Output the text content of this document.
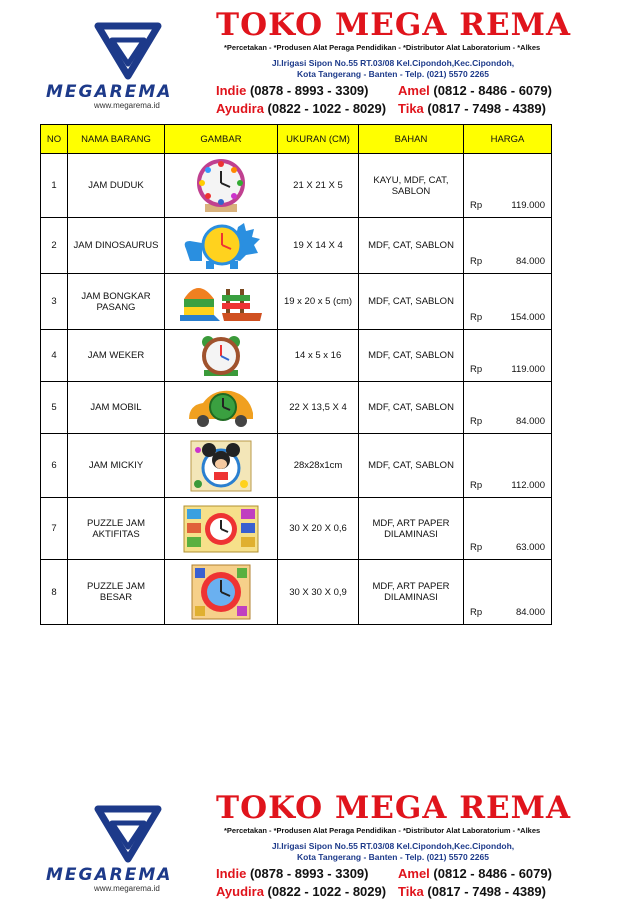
MEGAREMA
www.megarema.id
TOKO MEGA REMA
*Percetakan - *Produsen Alat Peraga Pendidikan - *Distributor Alat Laboratorium - *Alkes
Jl.Irigasi Sipon No.55 RT.03/08 Kel.Cipondoh,Kec.Cipondoh,
Kota Tangerang - Banten - Telp. (021) 5570 2265
Indie (0878 - 8993 - 3309) Amel (0812 - 8486 - 6079)
Ayudira (0822 - 1022 - 8029) Tika (0817 - 7498 - 4389)
NO	NAMA BARANG	GAMBAR	UKURAN (CM)	BAHAN	HARGA
1	JAM DUDUK		21 X 21 X 5	KAYU, MDF, CAT, SABLON	Rp 119.000

2	JAM DINOSAURUS		19 X 14 X 4	MDF, CAT, SABLON	Rp 84.000

3	JAM BONGKAR PASANG		19 x 20 x 5 (cm)	MDF, CAT, SABLON	Rp 154.000

4	JAM WEKER		14 x 5 x 16	MDF, CAT, SABLON	Rp 119.000

5	JAM MOBIL		22 X 13,5 X 4	MDF, CAT, SABLON	Rp 84.000

6	JAM MICKIY		28x28x1cm	MDF, CAT, SABLON	Rp 112.000

7	PUZZLE JAM AKTIFITAS		30 X 20 X 0,6	MDF, ART PAPER DILAMINASI	Rp 63.000

8	PUZZLE JAM BESAR		30 X 30 X 0,9	MDF, ART PAPER DILAMINASI	Rp 84.000
MEGAREMA
www.megarema.id
TOKO MEGA REMA
*Percetakan - *Produsen Alat Peraga Pendidikan - *Distributor Alat Laboratorium - *Alkes
Jl.Irigasi Sipon No.55 RT.03/08 Kel.Cipondoh,Kec.Cipondoh,
Kota Tangerang - Banten - Telp. (021) 5570 2265
Indie (0878 - 8993 - 3309) Amel (0812 - 8486 - 6079)
Ayudira (0822 - 1022 - 8029) Tika (0817 - 7498 - 4389)
